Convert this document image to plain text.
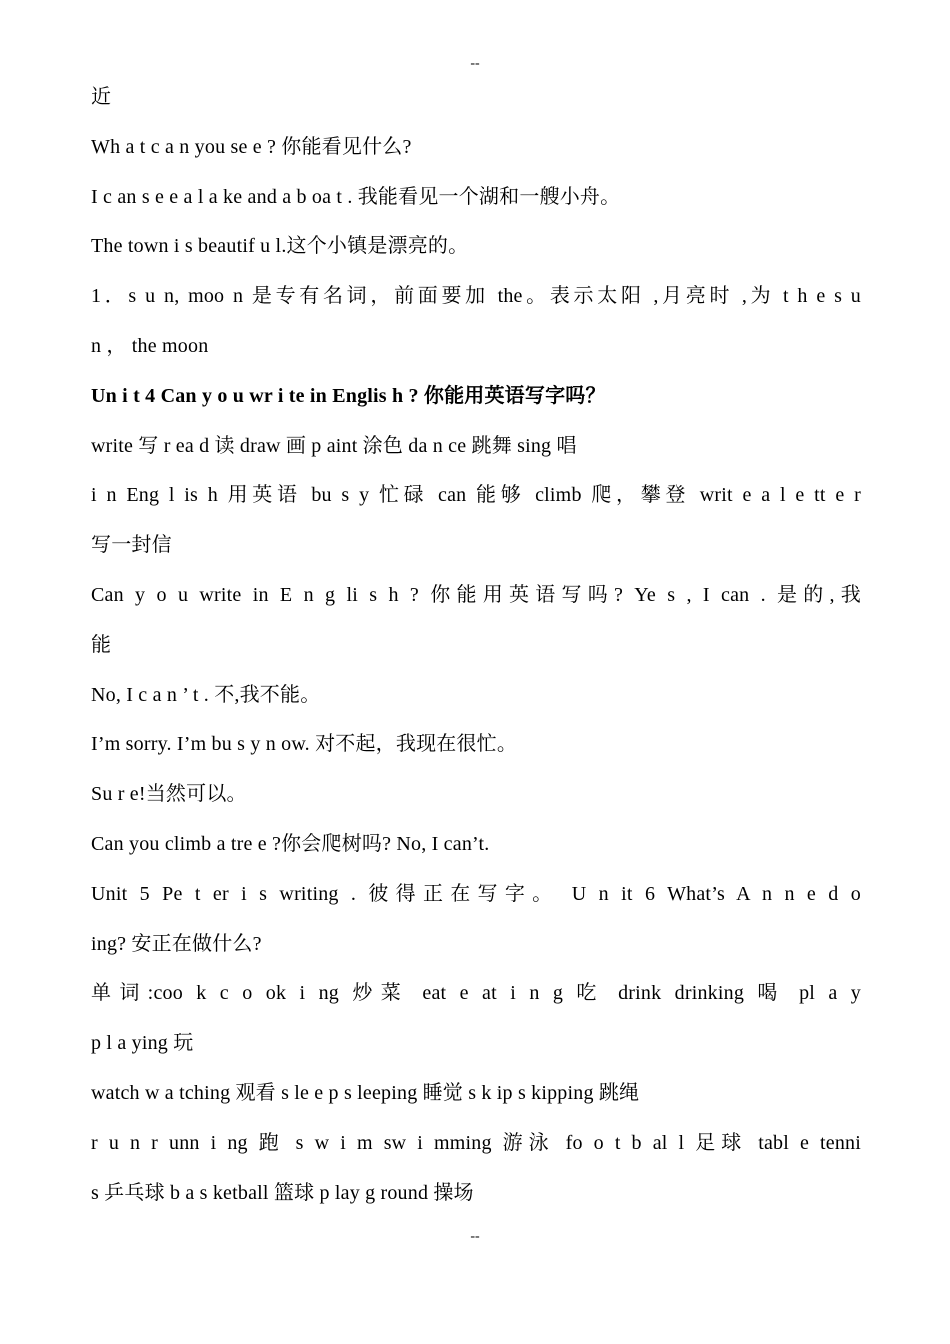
--
近
Wh a t c a n you se e ? 你能看见什么?
I c an s e e a l a ke and a b oa t . 我能看见一个湖和一艘小舟。
The town i s beautif u l.这个小镇是漂亮的。
1．s u n, moo n 是专有名词，前面要加 the。表示太阳 ,月亮时 ,为 t h e s u
n ， the moon
Un i t 4 Can y o u wr i te in Englis h ? 你能用英语写字吗？
write 写 r ea d 读 draw 画 p aint 涂色 da n ce 跳舞 sing 唱
i n Eng l is h 用英语 bu s y 忙碌 can 能够 climb 爬，攀登 writ e a l e tt e r
写一封信
Can y o u write in E n g li s h ? 你能用英语写吗? Ye s , I can . 是的,我
能
No, I c a n ’ t . 不,我不能。
I’m sorry. I’m bu s y n ow. 对不起，我现在很忙。
Su r e!当然可以。
Can you climb a tre e ?你会爬树吗? No, I can’t.
Unit 5 Pe t er i s writing . 彼得正在写字。 U n it 6 What’s A n n e d o
ing? 安正在做什么?
单词:coo k c o ok i ng 炒菜 eat e at i n g 吃 drink drinking 喝 pl a y
p l a ying 玩
watch w a tching 观看 s le e p s leeping 睡觉 s k ip s kipping 跳绳
r u n r unn i ng 跑 s w i m sw i mming 游泳 fo o t b al l 足球 tabl e tenni
s 乒乓球 b a s ketball 篮球 p lay g round 操场
--
